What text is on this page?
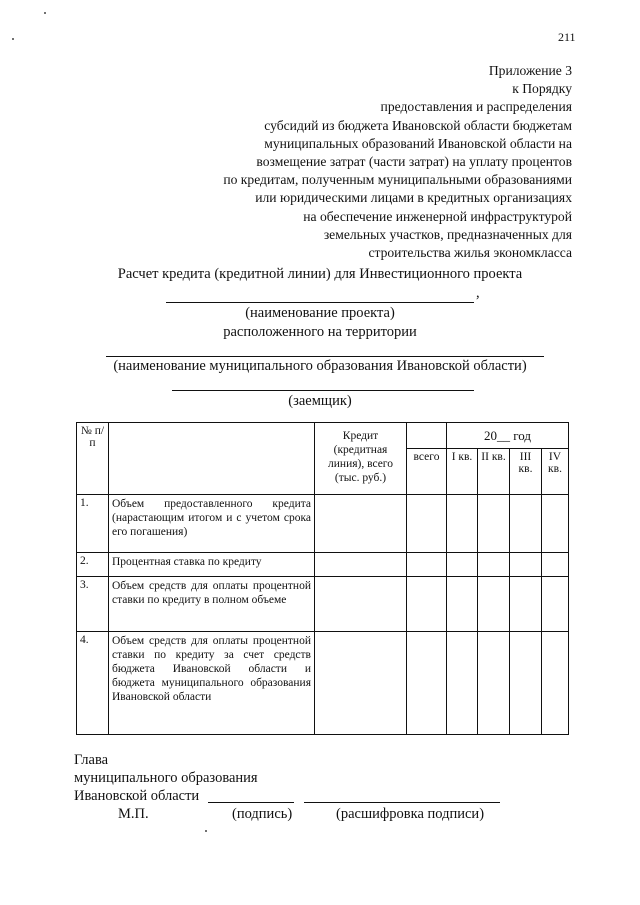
211
Приложение 3
к Порядку
предоставления и распределения
субсидий из бюджета Ивановской области бюджетам
муниципальных образований Ивановской области на
возмещение затрат (части затрат) на уплату процентов
по кредитам, полученным муниципальными образованиями
или юридическими лицами в кредитных организациях
на обеспечение инженерной инфраструктурой
земельных участков, предназначенных для
строительства жилья экономкласса
Расчет кредита (кредитной линии) для Инвестиционного проекта
,
(наименование проекта)
расположенного на территории
(наименование муниципального образования Ивановской области)
(заемщик)
№ п/п		Кредит (кредитная линия), всего (тыс. руб.)		20__ год			
			всего	I кв.	II кв.	III кв.	IV кв.
1.	Объем предоставленного кредита (нарастающим итогом и с учетом срока его погашения)						
2.	Процентная ставка по кредиту						
3.	Объем средств для оплаты процентной ставки по кредиту в полном объеме						
4.	Объем средств для оплаты процентной ставки по кредиту за счет средств бюджета Ивановской области и бюджета муниципального образования Ивановской области						
Глава
муниципального образования
Ивановской области
М.П.	(подпись)	(расшифровка подписи)
